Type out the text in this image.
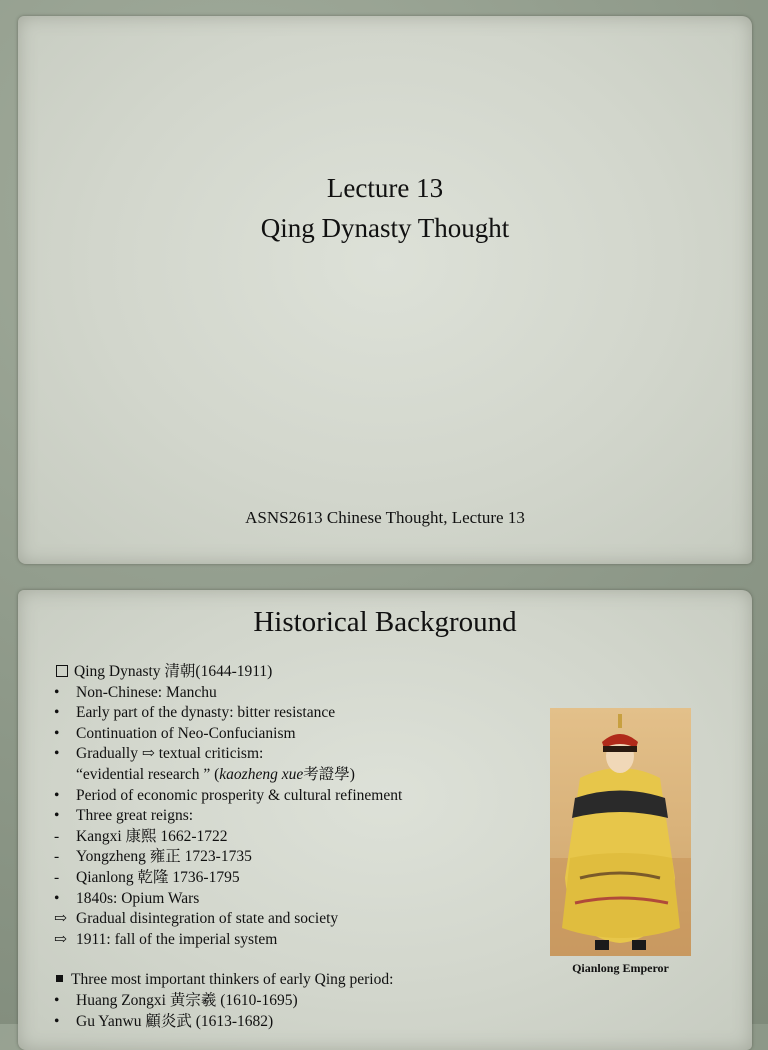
Lecture 13
Qing Dynasty Thought
ASNS2613 Chinese Thought, Lecture 13
Historical Background
Qing Dynasty 清朝(1644-1911)
• Non-Chinese: Manchu
• Early part of the dynasty: bitter resistance
• Continuation of Neo-Confucianism
• Gradually ⇨ textual criticism:
“evidential research ” (kaozheng xue考證學)
• Period of economic prosperity & cultural refinement
• Three great reigns:
- Kangxi 康熙 1662-1722
- Yongzheng 雍正 1723-1735
- Qianlong 乾隆 1736-1795
• 1840s: Opium Wars
⇨ Gradual disintegration of state and society
⇨ 1911: fall of the imperial system
Three most important thinkers of early Qing period:
• Huang Zongxi 黄宗羲 (1610-1695)
• Gu Yanwu 顧炎武 (1613-1682)
Qianlong Emperor
